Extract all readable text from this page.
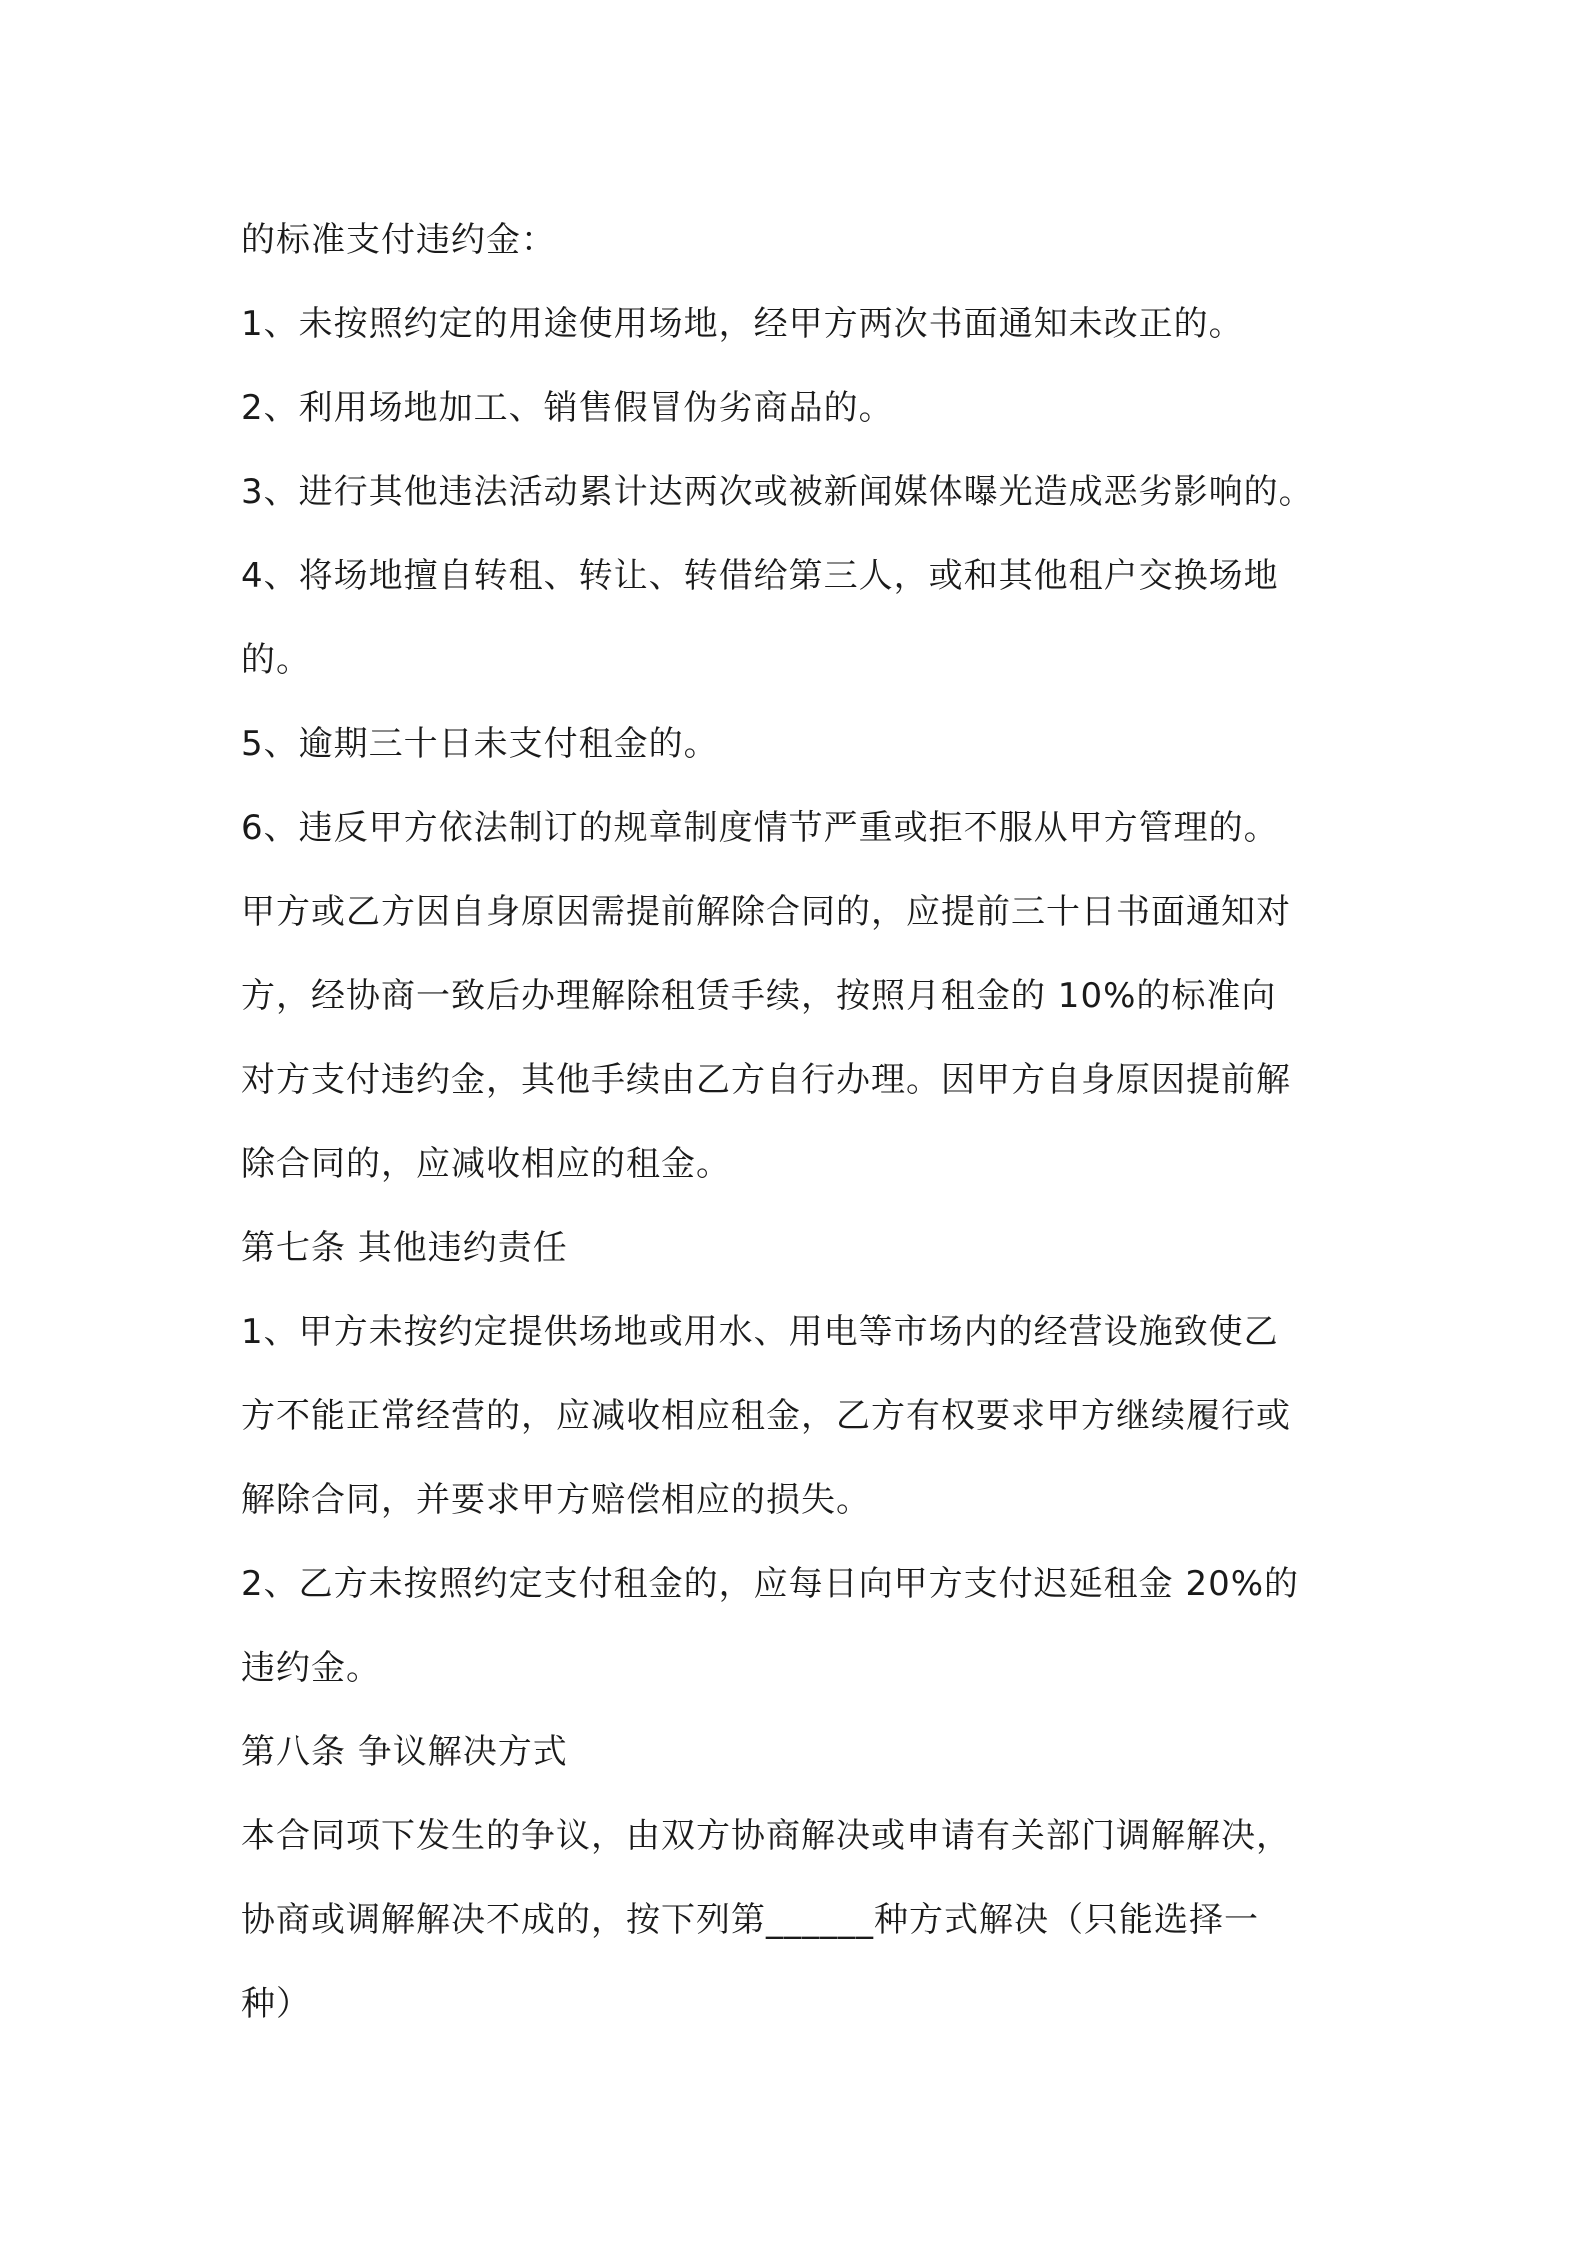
的标准支付违约金：
1、未按照约定的用途使用场地，经甲方两次书面通知未改正的。
2、利用场地加工、销售假冒伪劣商品的。
3、进行其他违法活动累计达两次或被新闻媒体曝光造成恶劣影响的。
4、将场地擅自转租、转让、转借给第三人，或和其他租户交换场地
的。
5、逾期三十日未支付租金的。
6、违反甲方依法制订的规章制度情节严重或拒不服从甲方管理的。
甲方或乙方因自身原因需提前解除合同的，应提前三十日书面通知对
方，经协商一致后办理解除租赁手续，按照月租金的 10%的标准向
对方支付违约金，其他手续由乙方自行办理。因甲方自身原因提前解
除合同的，应减收相应的租金。
第七条 其他违约责任
1、甲方未按约定提供场地或用水、用电等市场内的经营设施致使乙
方不能正常经营的，应减收相应租金，乙方有权要求甲方继续履行或
解除合同，并要求甲方赔偿相应的损失。
2、乙方未按照约定支付租金的，应每日向甲方支付迟延租金 20%的
违约金。
第八条 争议解决方式
本合同项下发生的争议，由双方协商解决或申请有关部门调解解决，
协商或调解解决不成的，按下列第______种方式解决（只能选择一
种）
